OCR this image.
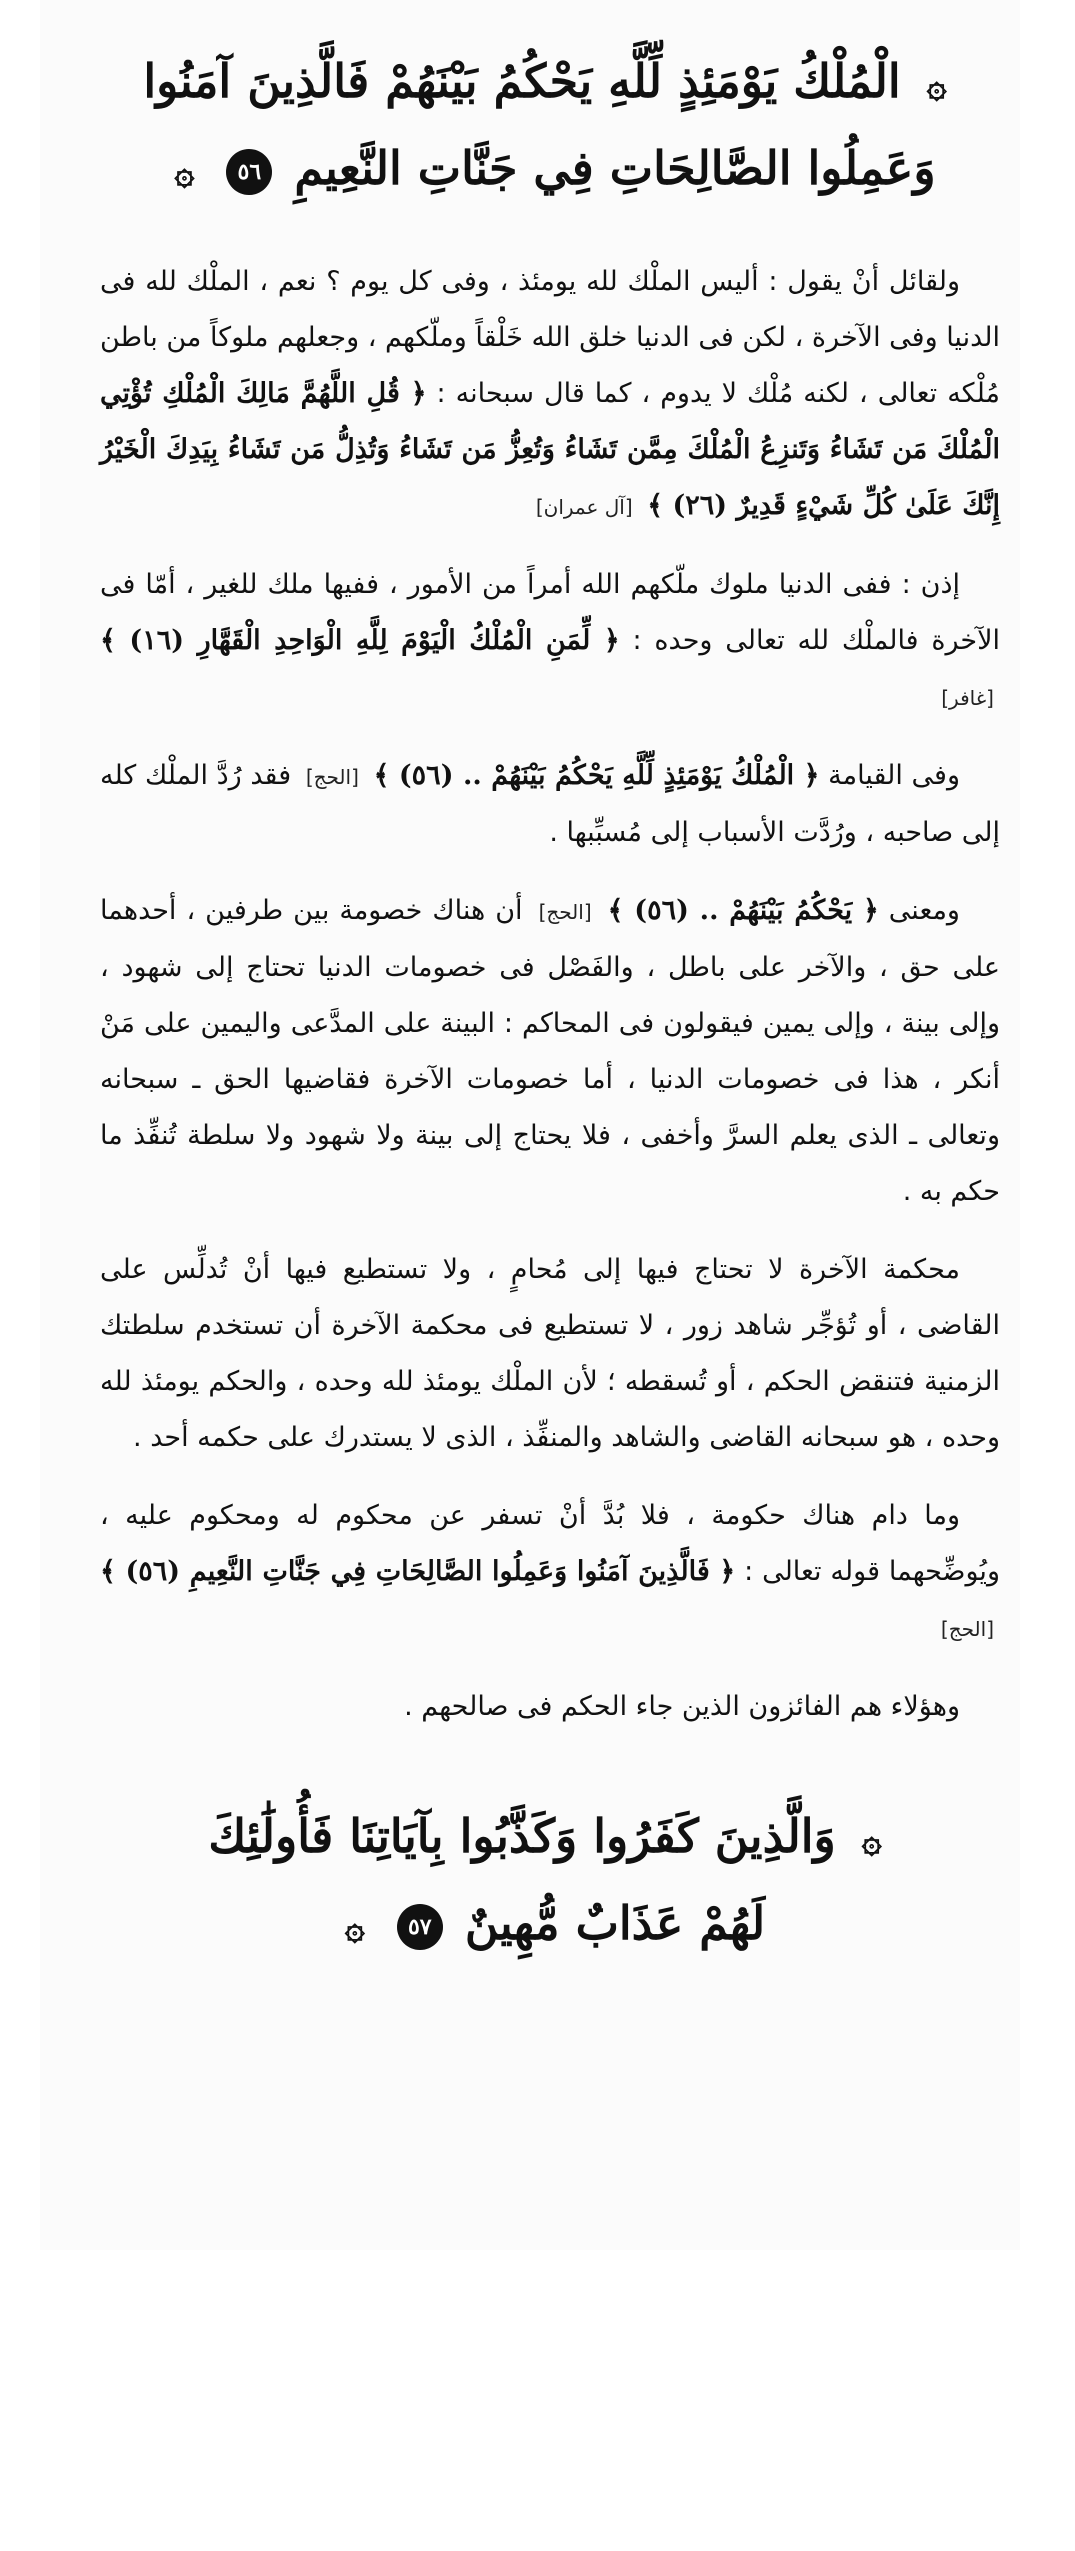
۞ الْمُلْكُ يَوْمَئِذٍ لِّلَّهِ يَحْكُمُ بَيْنَهُمْ فَالَّذِينَ آمَنُوا
وَعَمِلُوا الصَّالِحَاتِ فِي جَنَّاتِ النَّعِيمِ ٥٦ ۞

ولقائل أنْ يقول : أليس الملْك لله يومئذ ، وفى كل يوم ؟ نعم ، الملْك لله فى الدنيا وفى الآخرة ، لكن فى الدنيا خلق الله خَلْقاً وملّكهم ، وجعلهم ملوكاً من باطن مُلْكه تعالى ، لكنه مُلْك لا يدوم ، كما قال سبحانه : ﴿ قُلِ اللَّهُمَّ مَالِكَ الْمُلْكِ تُؤْتِي الْمُلْكَ مَن تَشَاءُ وَتَنزِعُ الْمُلْكَ مِمَّن تَشَاءُ وَتُعِزُّ مَن تَشَاءُ وَتُذِلُّ مَن تَشَاءُ بِيَدِكَ الْخَيْرُ إِنَّكَ عَلَىٰ كُلِّ شَيْءٍ قَدِيرٌ (٢٦) ﴾ [آل عمران]

إذن : ففى الدنيا ملوك ملّكهم الله أمراً من الأمور ، ففيها ملك للغير ، أمّا فى الآخرة فالملْك لله تعالى وحده : ﴿ لِّمَنِ الْمُلْكُ الْيَوْمَ لِلَّهِ الْوَاحِدِ الْقَهَّارِ (١٦) ﴾ [غافر]

وفى القيامة ﴿ الْمُلْكُ يَوْمَئِذٍ لِّلَّهِ يَحْكُمُ بَيْنَهُمْ .. (٥٦) ﴾ [الحج] فقد رُدَّ الملْك كله إلى صاحبه ، ورُدَّت الأسباب إلى مُسبِّبها .

ومعنى ﴿ يَحْكُمُ بَيْنَهُمْ .. (٥٦) ﴾ [الحج] أن هناك خصومة بين طرفين ، أحدهما على حق ، والآخر على باطل ، والفَصْل فى خصومات الدنيا تحتاج إلى شهود ، وإلى بينة ، وإلى يمين فيقولون فى المحاكم : البينة على المدَّعى واليمين على مَنْ أنكر ، هذا فى خصومات الدنيا ، أما خصومات الآخرة فقاضيها الحق ـ سبحانه وتعالى ـ الذى يعلم السرَّ وأخفى ، فلا يحتاج إلى بينة ولا شهود ولا سلطة تُنفِّذ ما حكم به .

محكمة الآخرة لا تحتاج فيها إلى مُحامٍ ، ولا تستطيع فيها أنْ تُدلِّس على القاضى ، أو تُؤجِّر شاهد زور ، لا تستطيع فى محكمة الآخرة أن تستخدم سلطتك الزمنية فتنقض الحكم ، أو تُسقطه ؛ لأن الملْك يومئذ لله وحده ، والحكم يومئذ لله وحده ، هو سبحانه القاضى والشاهد والمنفِّذ ، الذى لا يستدرك على حكمه أحد .

وما دام هناك حكومة ، فلا بُدَّ أنْ تسفر عن محكوم له ومحكوم عليه ، ويُوضِّحهما قوله تعالى : ﴿ فَالَّذِينَ آمَنُوا وَعَمِلُوا الصَّالِحَاتِ فِي جَنَّاتِ النَّعِيمِ (٥٦) ﴾ [الحج]

وهؤلاء هم الفائزون الذين جاء الحكم فى صالحهم .

۞ وَالَّذِينَ كَفَرُوا وَكَذَّبُوا بِآيَاتِنَا فَأُولَٰئِكَ
لَهُمْ عَذَابٌ مُّهِينٌ ٥٧ ۞
